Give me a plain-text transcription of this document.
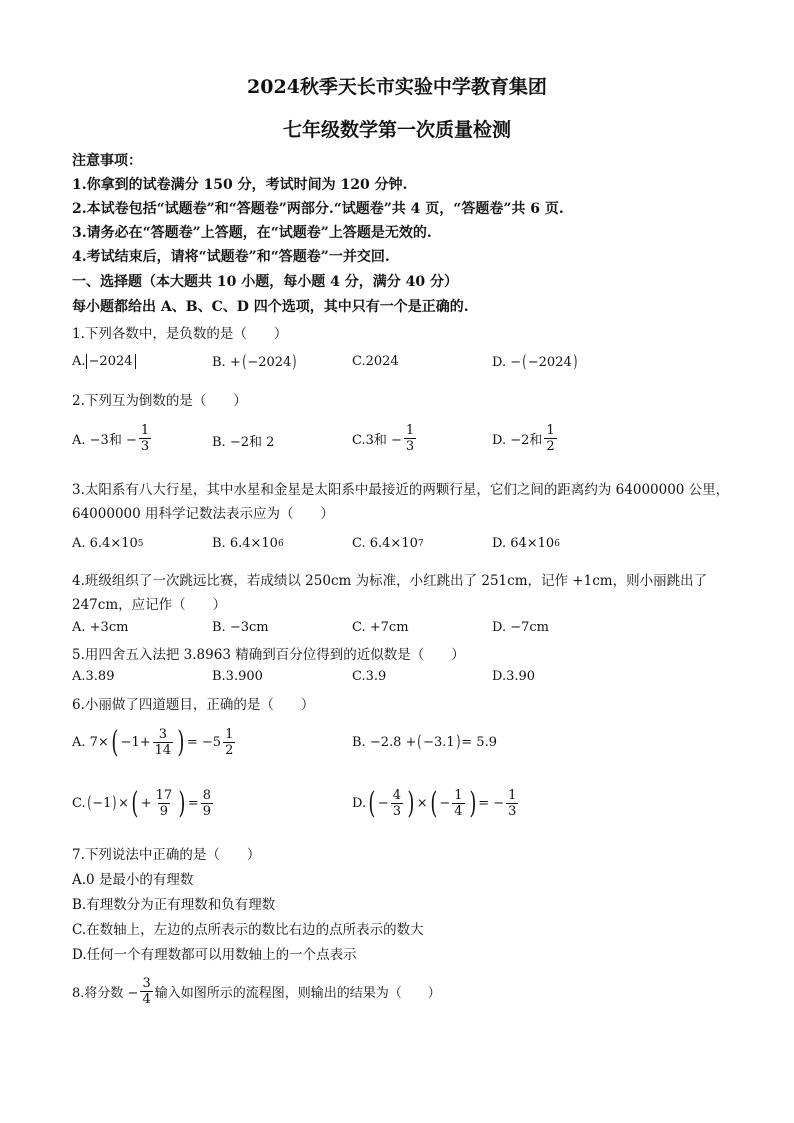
2024秋季天长市实验中学教育集团
七年级数学第一次质量检测
注意事项：
1.你拿到的试卷满分 150 分，考试时间为 120 分钟.
2.本试卷包括“试题卷”和“答题卷”两部分.“试题卷”共 4 页，“答题卷”共 6 页.
3.请务必在“答题卷”上答题，在“试题卷”上答题是无效的.
4.考试结束后，请将“试题卷”和“答题卷”一并交回.
一、选择题（本大题共 10 小题，每小题 4 分，满分 40 分）
每小题都给出 A、B、C、D 四个选项，其中只有一个是正确的.
1.下列各数中，是负数的是（　　）
A. −2024	B. + ( −2024 )	C.2024	D. − ( −2024 )
2.下列互为倒数的是（　　）
A. −3和 − $\frac{1}{3}$	B. −2和 2	C.3和 − $\frac{1}{3}$	D. −2和 $\frac{1}{2}$
3.太阳系有八大行星，其中水星和金星是太阳系中最接近的两颗行星，它们之间的距离约为 64000000 公里，
64000000 用科学记数法表示应为（　　）
A. 6.4×10 5	B. 6.4×10 6	C. 6.4×10 7	D. 64×10 6
4.班级组织了一次跳远比赛，若成绩以 250cm 为标准，小红跳出了 251cm，记作 +1cm，则小丽跳出了
247cm，应记作（　　）
A. +3cm	B. −3cm	C. +7cm	D. −7cm
5.用四舍五入法把 3.8963 精确到百分位得到的近似数是（　　）
A.3.89	B.3.900	C.3.9	D.3.90
6.小丽做了四道题目，正确的是（　　）
A. 7× ( $-1+ \frac{3}{14}$ ) = $-5 \frac{1}{2}$	B. −2.8 + ( −3.1 ) = 5.9
C. ( −1 ) × ( + $\frac{17}{9}$ ) = $\frac{8}{9}$	D. ( − $\frac{4}{3}$ ) × ( − $\frac{1}{4}$ ) = − $\frac{1}{3}$
7.下列说法中正确的是（　　）
A.0 是最小的有理数
B.有理数分为正有理数和负有理数
C.在数轴上，左边的点所表示的数比右边的点所表示的数大
D.任何一个有理数都可以用数轴上的一个点表示
8.将分数 − $\frac{3}{4}$ 输入如图所示的流程图，则输出的结果为（　　）
